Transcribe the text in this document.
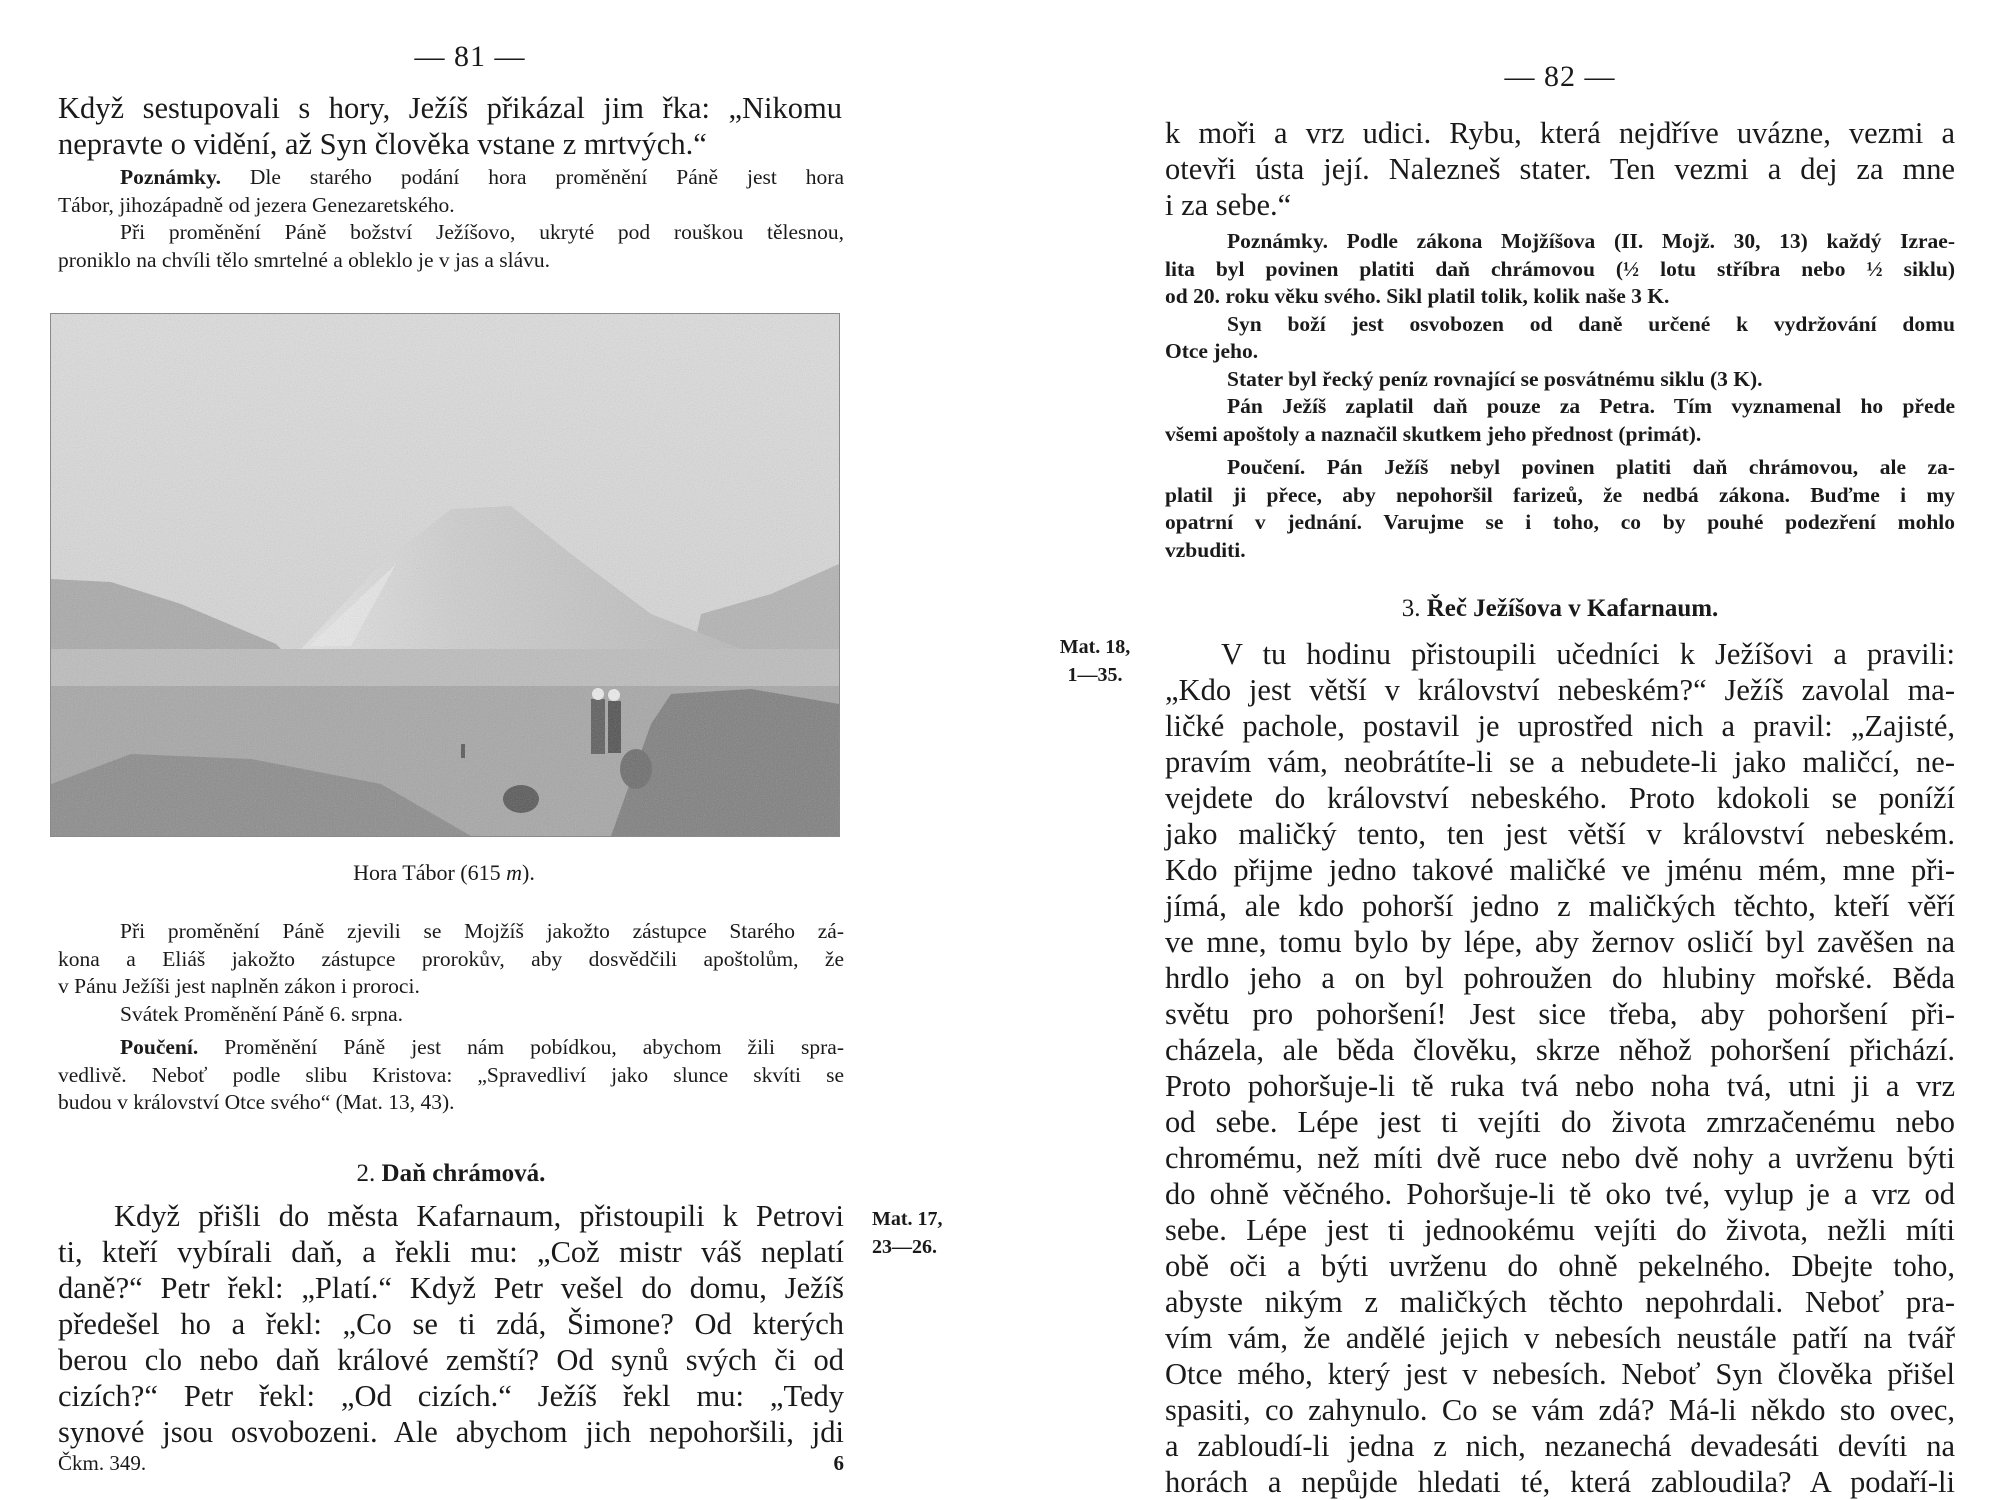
— 81 —
Když sestupovali s hory, Ježíš přikázal jim řka: „Nikomu
nepravte o vidění, až Syn člověka vstane z mrtvých.“
Poznámky. Dle starého podání hora proměnění Páně jest hora
Tábor, jihozápadně od jezera Genezaretského.
Při proměnění Páně božství Ježíšovo, ukryté pod rouškou tělesnou,
proniklo na chvíli tělo smrtelné a obleklo je v jas a slávu.
Hora Tábor (615 m).
Při proměnění Páně zjevili se Mojžíš jakožto zástupce Starého zá-
kona a Eliáš jakožto zástupce prorokův, aby dosvědčili apoštolům, že
v Pánu Ježíši jest naplněn zákon i proroci.
Svátek Proměnění Páně 6. srpna.
Poučení. Proměnění Páně jest nám pobídkou, abychom žili spra-
vedlivě. Neboť podle slibu Kristova: „Spravedliví jako slunce skvíti se
budou v království Otce svého“ (Mat. 13, 43).
2. Daň chrámová.
Když přišli do města Kafarnaum, přistoupili k Petrovi
ti, kteří vybírali daň, a řekli mu: „Což mistr váš neplatí
daně?“ Petr řekl: „Platí.“ Když Petr vešel do domu, Ježíš
předešel ho a řekl: „Co se ti zdá, Šimone? Od kterých
berou clo nebo daň králové zemští? Od synů svých či od
cizích?“ Petr řekl: „Od cizích.“ Ježíš řekl mu: „Tedy
synové jsou osvobozeni. Ale abychom jich nepohoršili, jdi
Mat. 17,
23—26.
Čkm. 349.	6
— 82 —
k moři a vrz udici. Rybu, která nejdříve uvázne, vezmi a
otevři ústa její. Nalezneš stater. Ten vezmi a dej za mne
i za sebe.“
Poznámky. Podle zákona Mojžíšova (II. Mojž. 30, 13) každý Izrae-
lita byl povinen platiti daň chrámovou (½ lotu stříbra nebo ½ siklu)
od 20. roku věku svého. Sikl platil tolik, kolik naše 3 K.
Syn boží jest osvobozen od daně určené k vydržování domu
Otce jeho.
Stater byl řecký peníz rovnající se posvátnému siklu (3 K).
Pán Ježíš zaplatil daň pouze za Petra. Tím vyznamenal ho přede
všemi apoštoly a naznačil skutkem jeho přednost (primát).
Poučení. Pán Ježíš nebyl povinen platiti daň chrámovou, ale za-
platil ji přece, aby nepohoršil farizeů, že nedbá zákona. Buďme i my
opatrní v jednání. Varujme se i toho, co by pouhé podezření mohlo
vzbuditi.
3. Řeč Ježíšova v Kafarnaum.
Mat. 18,
1—35.
V tu hodinu přistoupili učedníci k Ježíšovi a pravili:
„Kdo jest větší v království nebeském?“ Ježíš zavolal ma-
ličké pachole, postavil je uprostřed nich a pravil: „Zajisté,
pravím vám, neobrátíte-li se a nebudete-li jako maličcí, ne-
vejdete do království nebeského. Proto kdokoli se poníží
jako maličký tento, ten jest větší v království nebeském.
Kdo přijme jedno takové maličké ve jménu mém, mne při-
jímá, ale kdo pohorší jedno z maličkých těchto, kteří věří
ve mne, tomu bylo by lépe, aby žernov osličí byl zavěšen na
hrdlo jeho a on byl pohroužen do hlubiny mořské. Běda
světu pro pohoršení! Jest sice třeba, aby pohoršení při-
cházela, ale běda člověku, skrze něhož pohoršení přichází.
Proto pohoršuje-li tě ruka tvá nebo noha tvá, utni ji a vrz
od sebe. Lépe jest ti vejíti do života zmrzačenému nebo
chromému, než míti dvě ruce nebo dvě nohy a uvrženu býti
do ohně věčného. Pohoršuje-li tě oko tvé, vylup je a vrz od
sebe. Lépe jest ti jednookému vejíti do života, nežli míti
obě oči a býti uvrženu do ohně pekelného. Dbejte toho,
abyste nikým z maličkých těchto nepohrdali. Neboť pra-
vím vám, že andělé jejich v nebesích neustále patří na tvář
Otce mého, který jest v nebesích. Neboť Syn člověka přišel
spasiti, co zahynulo. Co se vám zdá? Má-li někdo sto ovec,
a zabloudí-li jedna z nich, nezanechá devadesáti devíti na
horách a nepůjde hledati té, která zabloudila? A podaří-li
